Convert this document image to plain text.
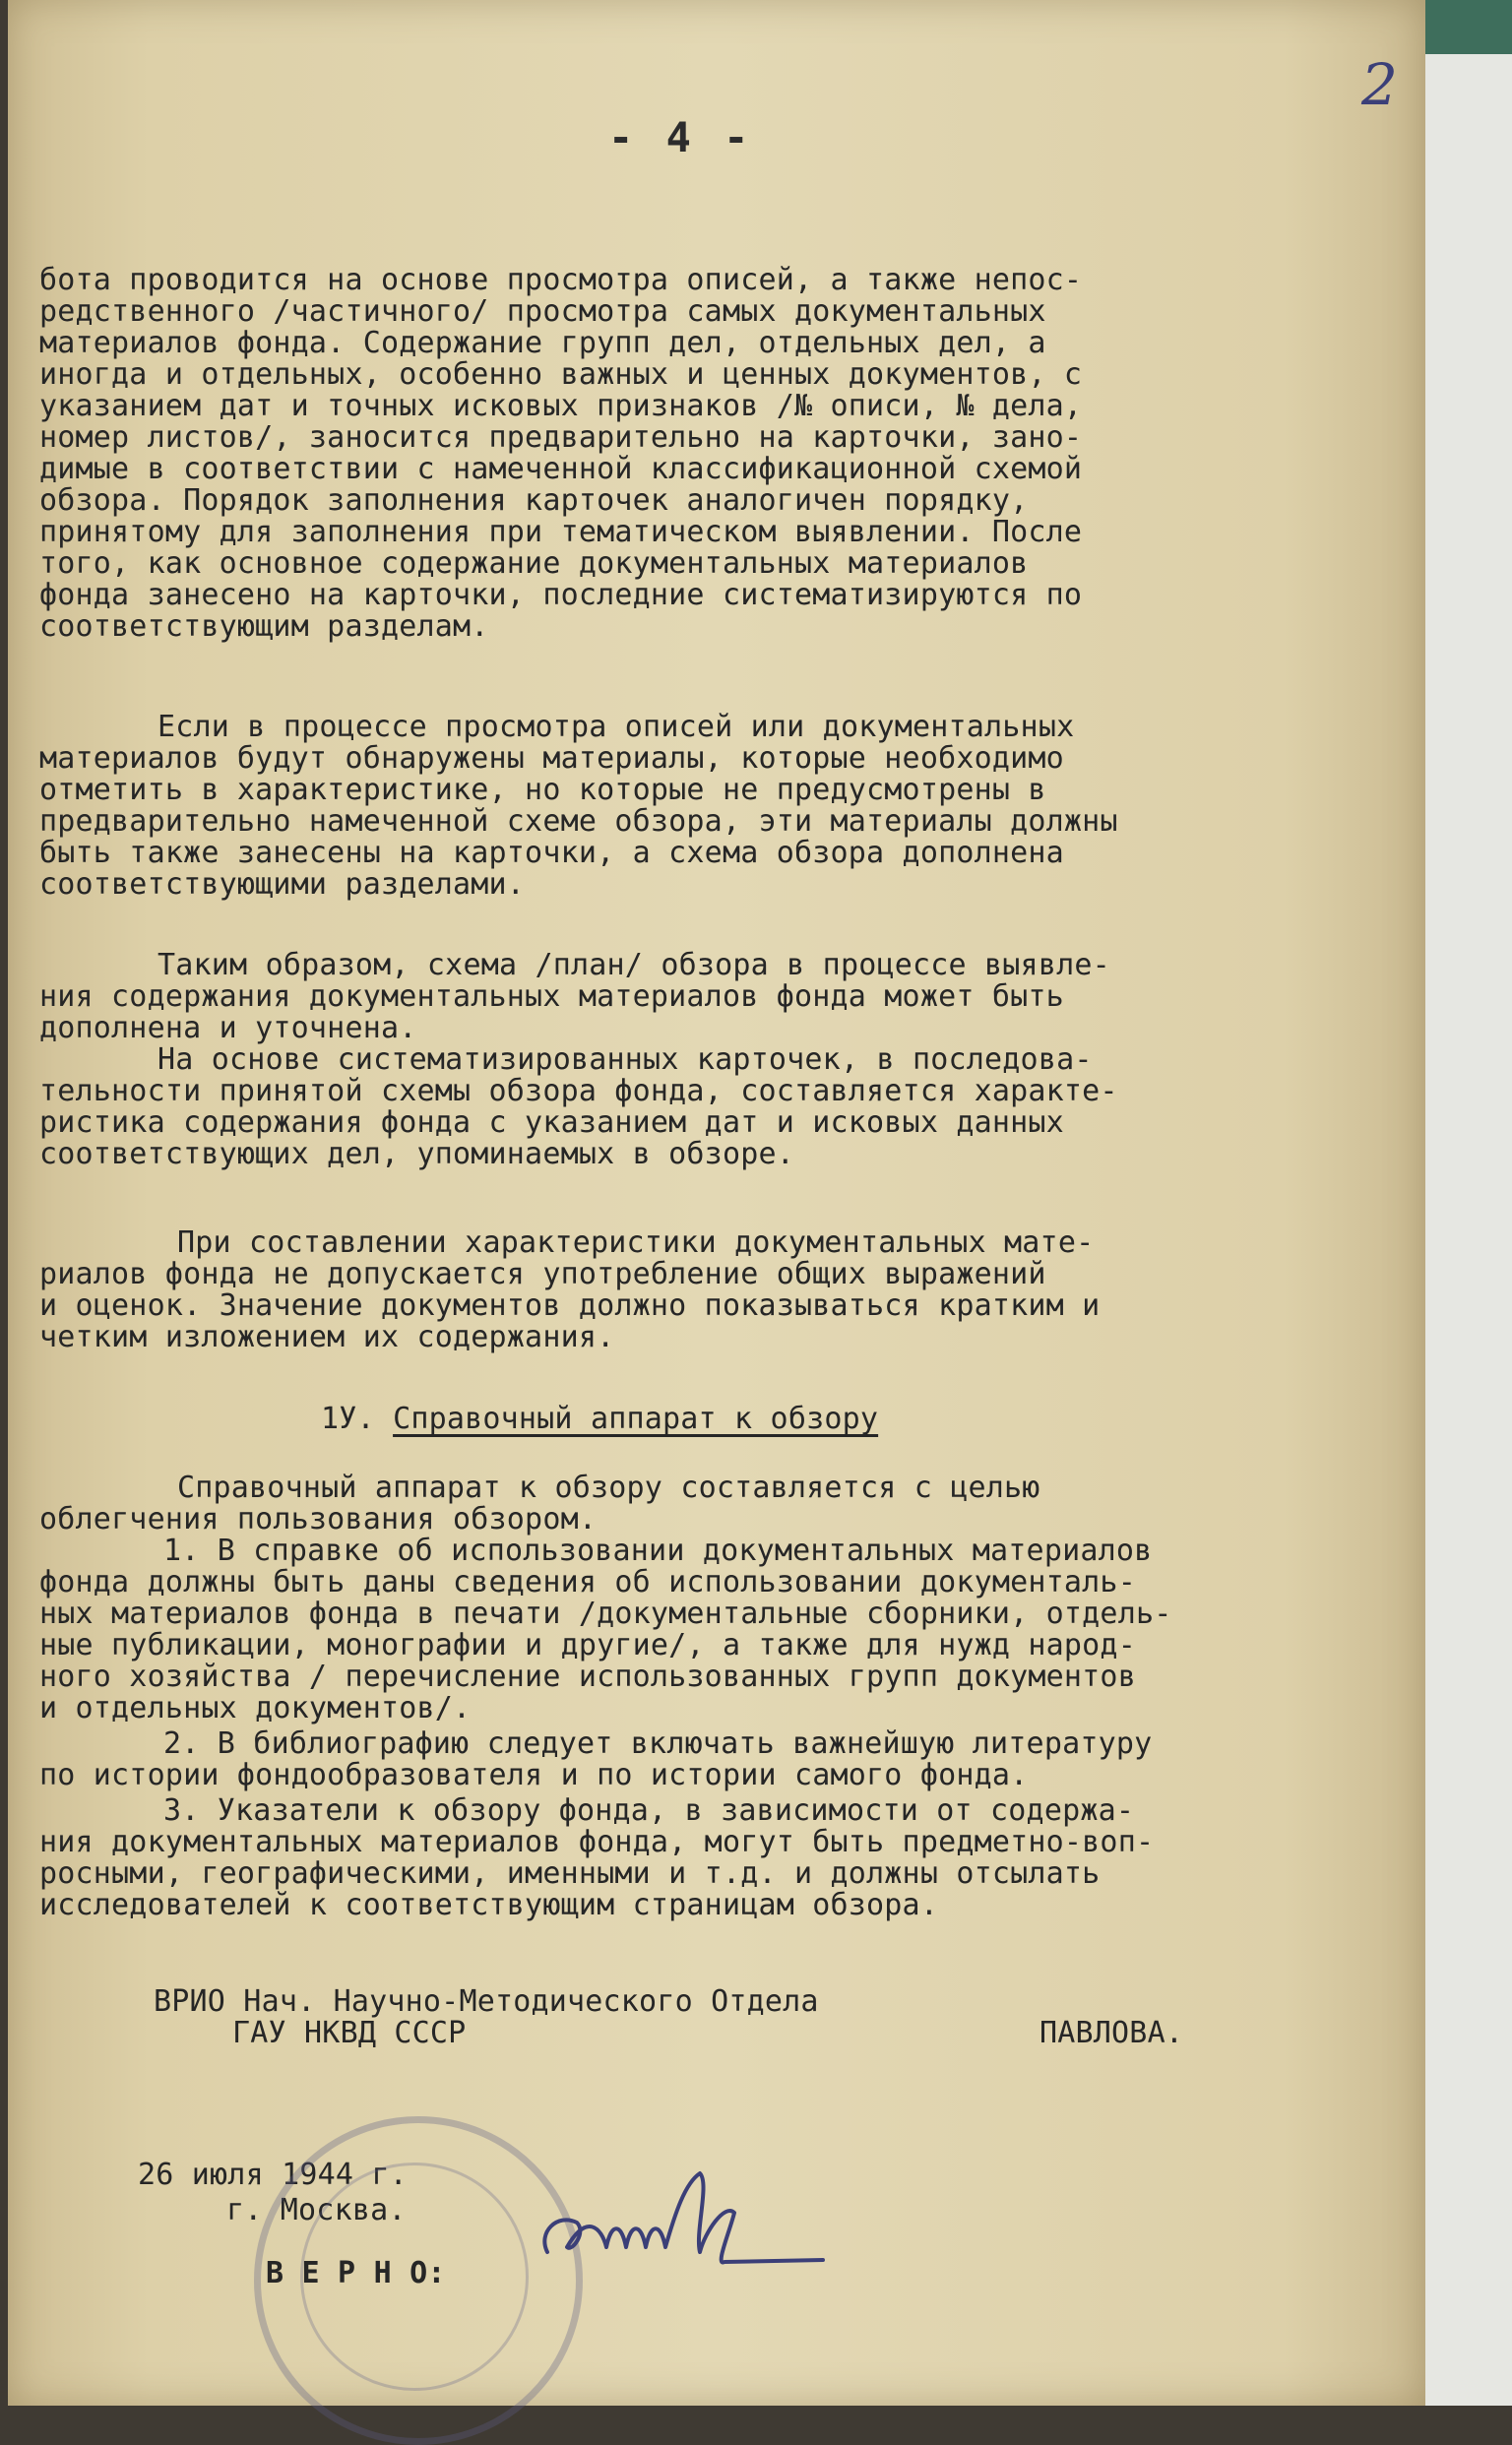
2
- 4 -
бота проводится на основе просмотра описей, а также непос-
редственного /частичного/ просмотра самых документальных
материалов фонда. Содержание групп дел, отдельных дел, а
иногда и отдельных, особенно важных и ценных документов, с
указанием дат и точных исковых признаков /№ описи, № дела,
номер листов/, заносится предварительно на карточки, зано-
димые в соответствии с намеченной классификационной схемой
обзора. Порядок заполнения карточек аналогичен порядку,
принятому для заполнения при тематическом выявлении. После
того, как основное содержание документальных материалов
фонда занесено на карточки, последние систематизируются по
соответствующим разделам.
Если в процессе просмотра описей или документальных
материалов будут обнаружены материалы, которые необходимо
отметить в характеристике, но которые не предусмотрены в
предварительно намеченной схеме обзора, эти материалы должны
быть также занесены на карточки, а схема обзора дополнена
соответствующими разделами.
Таким образом, схема /план/ обзора в процессе выявле-
ния содержания документальных материалов фонда может быть
дополнена и уточнена.
На основе систематизированных карточек, в последова-
тельности принятой схемы обзора фонда, составляется характе-
ристика содержания фонда с указанием дат и исковых данных
соответствующих дел, упоминаемых в обзоре.
При составлении характеристики документальных мате-
риалов фонда не допускается употребление общих выражений
и оценок. Значение документов должно показываться кратким и
четким изложением их содержания.
1У. Справочный аппарат к обзору
Справочный аппарат к обзору составляется с целью
облегчения пользования обзором.
1. В справке об использовании документальных материалов
фонда должны быть даны сведения об использовании документаль-
ных материалов фонда в печати /документальные сборники, отдель-
ные публикации, монографии и другие/, а также для нужд народ-
ного хозяйства / перечисление использованных групп документов
и отдельных документов/.
2. В библиографию следует включать важнейшую литературу
по истории фондообразователя и по истории самого фонда.
3. Указатели к обзору фонда, в зависимости от содержа-
ния документальных материалов фонда, могут быть предметно-воп-
росными, географическими, именными и т.д. и должны отсылать
исследователей к соответствующим страницам обзора.
ВРИО Нач. Научно-Методического Отдела
ГАУ НКВД СССР	ПАВЛОВА.
26 июля 1944 г.
г. Москва.
В Е Р Н О:
